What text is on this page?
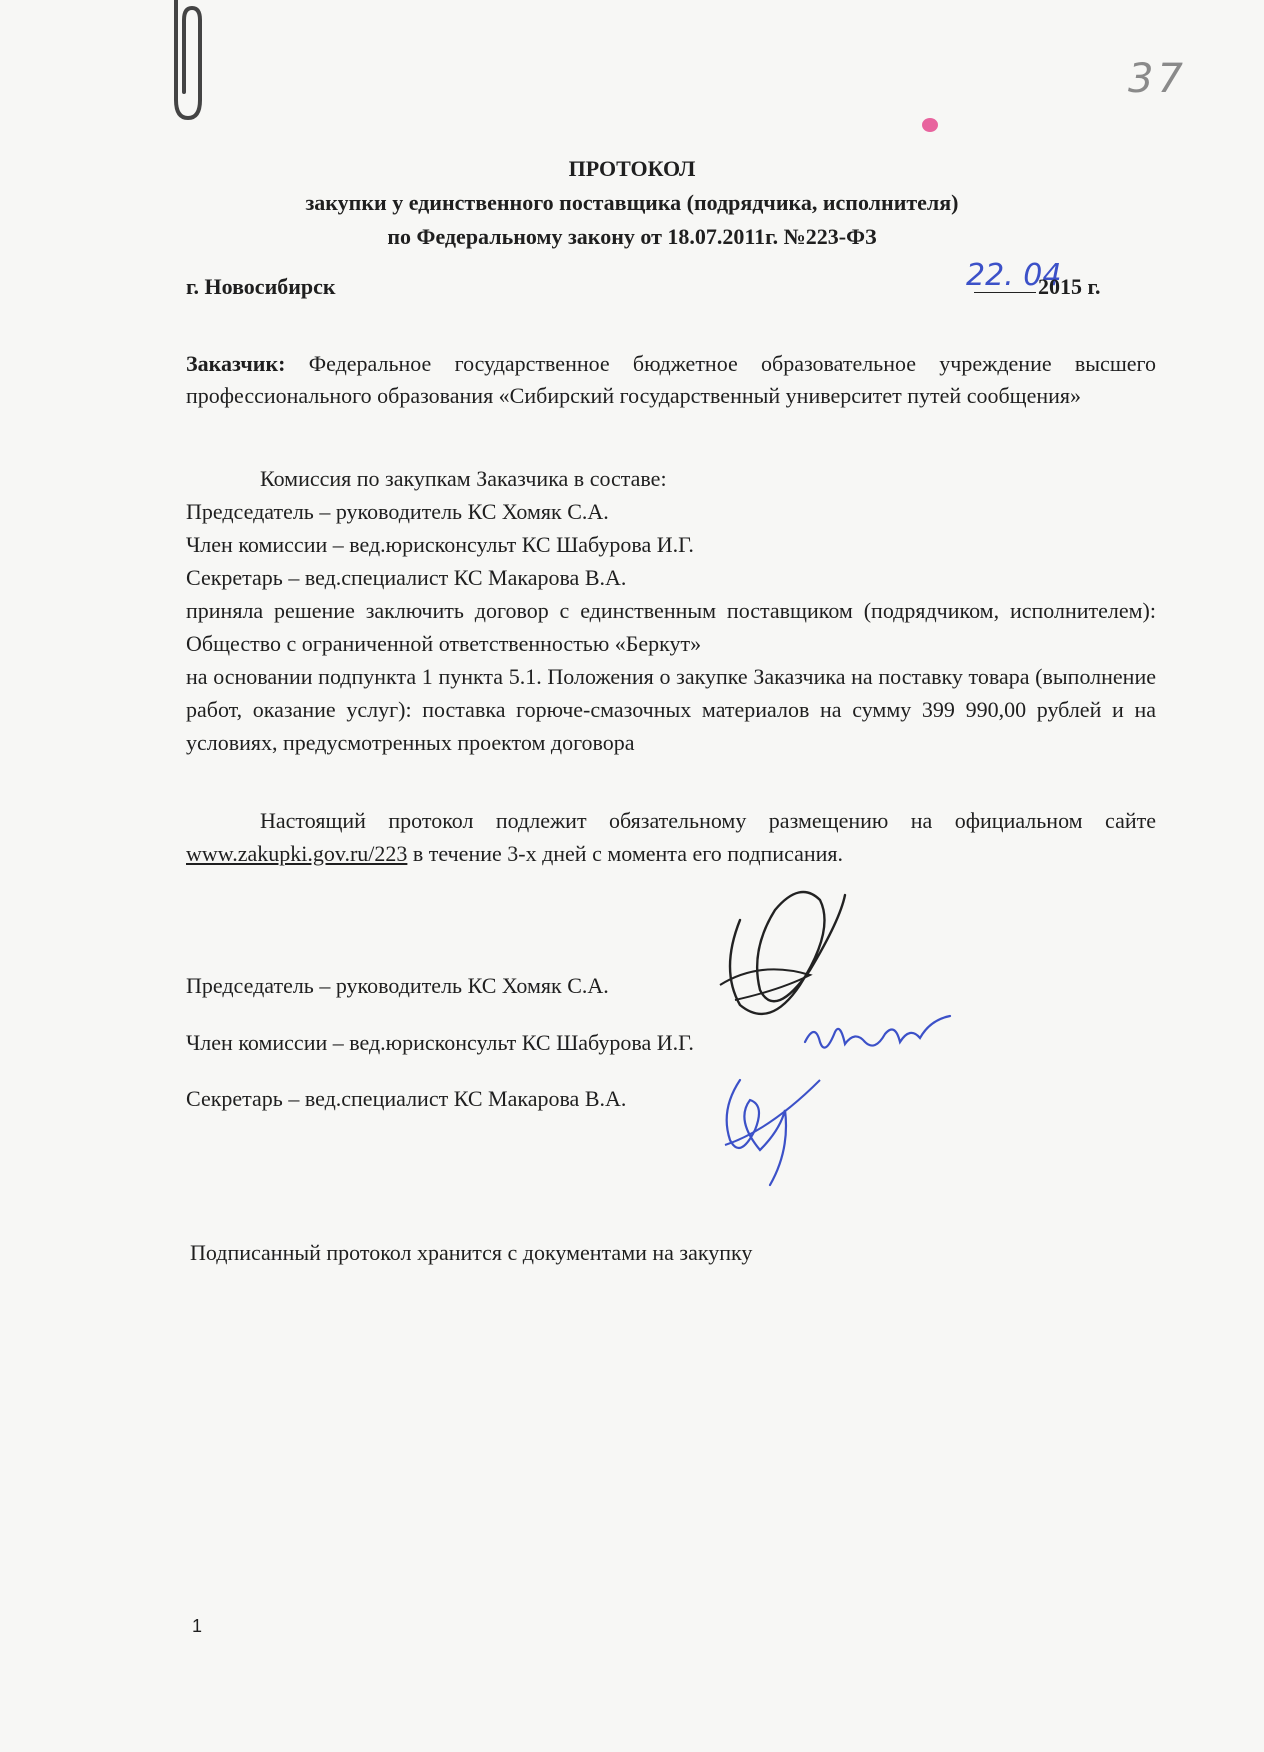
37
ПРОТОКОЛ
закупки у единственного поставщика (подрядчика, исполнителя)
по Федеральному закону от 18.07.2011г. №223-ФЗ
г. Новосибирск	22. 04
2015 г.
Заказчик: Федеральное государственное бюджетное образовательное учреждение высшего профессионального образования «Сибирский государственный университет путей сообщения»
Комиссия по закупкам Заказчика в составе:
Председатель – руководитель КС Хомяк С.А.
Член комиссии – вед.юрисконсульт КС Шабурова И.Г.
Секретарь – вед.специалист КС Макарова В.А.
приняла решение заключить договор с единственным поставщиком (подрядчиком, исполнителем): Общество с ограниченной ответственностью «Беркут»
на основании подпункта 1 пункта 5.1. Положения о закупке Заказчика на поставку товара (выполнение работ, оказание услуг): поставка горюче-смазочных материалов на сумму 399 990,00 рублей и на условиях, предусмотренных проектом договора
Настоящий протокол подлежит обязательному размещению на официальном сайте www.zakupki.gov.ru/223 в течение 3-х дней с момента его подписания.
Председатель – руководитель КС Хомяк С.А.
Член комиссии – вед.юрисконсульт КС Шабурова И.Г.
Секретарь – вед.специалист КС Макарова В.А.
Подписанный протокол хранится с документами на закупку
1
